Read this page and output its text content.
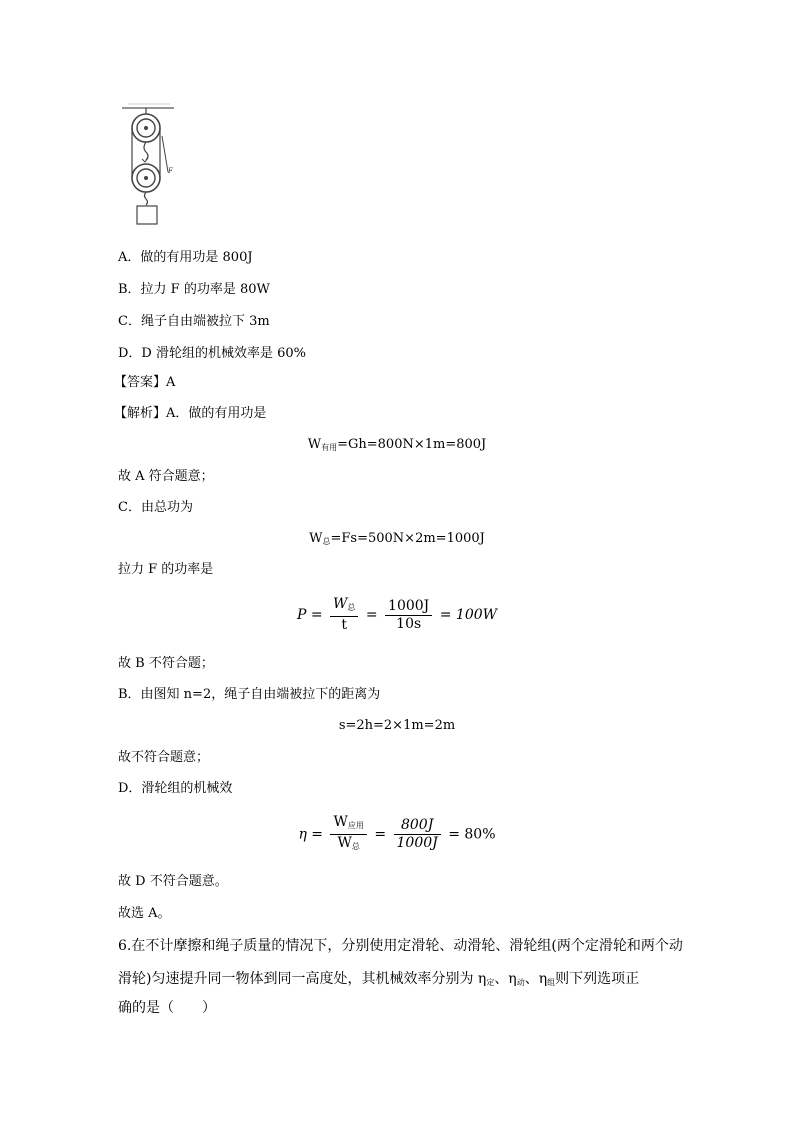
F
A．做的有用功是 800J
B．拉力 F 的功率是 80W
C．绳子自由端被拉下 3m
D．D 滑轮组的机械效率是 60%
【答案】A
【解析】A．做的有用功是
$W_{有用}=Gh=800N\times 1m=800J$
故 A 符合题意；
C．由总功为
$W_总=Fs=500N\times 2m=1000J$
拉力 F 的功率是
$P = \frac{W_总}{t} = \frac{1000J}{10s} = 100W$
故 B 不符合题；
B．由图知 n=2，绳子自由端被拉下的距离为
s=2h=2×1m=2m
故不符合题意；
D．滑轮组的机械效
$\eta = \frac{W_{应用}}{W_总} = \frac{800J}{1000J} = 80\%$
故 D 不符合题意。
故选 A。
6.在不计摩擦和绳子质量的情况下，分别使用定滑轮、动滑轮、滑轮组(两个定滑轮和两个动
滑轮)匀速提升同一物体到同一高度处，其机械效率分别为 $\eta_定$、$\eta_动$、$\eta_组$则下列选项正
确的是（　　）
